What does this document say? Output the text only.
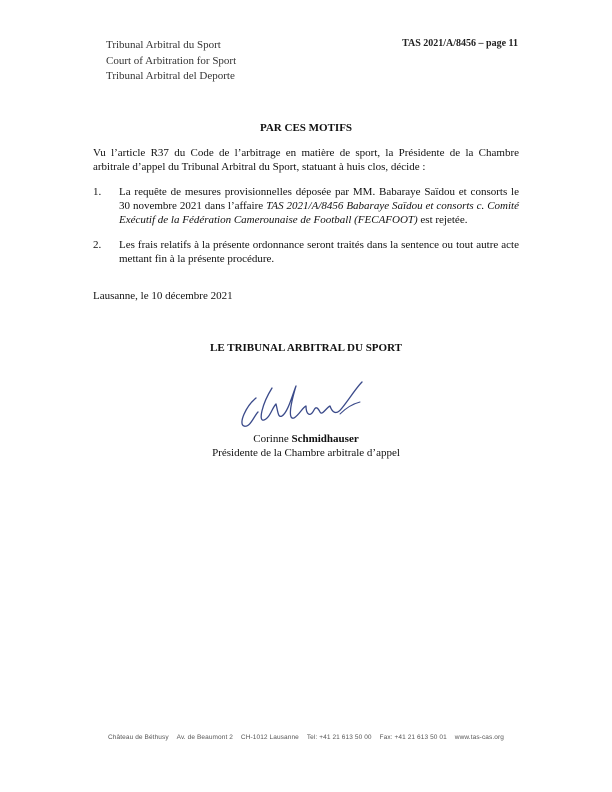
Tribunal Arbitral du Sport
Court of Arbitration for Sport
Tribunal Arbitral del Deporte
TAS 2021/A/8456 – page 11
PAR CES MOTIFS
Vu l’article R37 du Code de l’arbitrage en matière de sport, la Présidente de la Chambre arbitrale d’appel du Tribunal Arbitral du Sport, statuant à huis clos, décide :
1.	La requête de mesures provisionnelles déposée par MM. Babaraye Saïdou et consorts le 30 novembre 2021 dans l’affaire TAS 2021/A/8456 Babaraye Saïdou et consorts c. Comité Exécutif de la Fédération Camerounaise de Football (FECAFOOT) est rejetée.
2.	Les frais relatifs à la présente ordonnance seront traités dans la sentence ou tout autre acte mettant fin à la présente procédure.
Lausanne, le 10 décembre 2021
LE TRIBUNAL ARBITRAL DU SPORT
Corinne Schmidhauser
Présidente de la Chambre arbitrale d’appel
Château de Béthusy Av. de Beaumont 2 CH-1012 Lausanne Tel: +41 21 613 50 00 Fax: +41 21 613 50 01 www.tas-cas.org
